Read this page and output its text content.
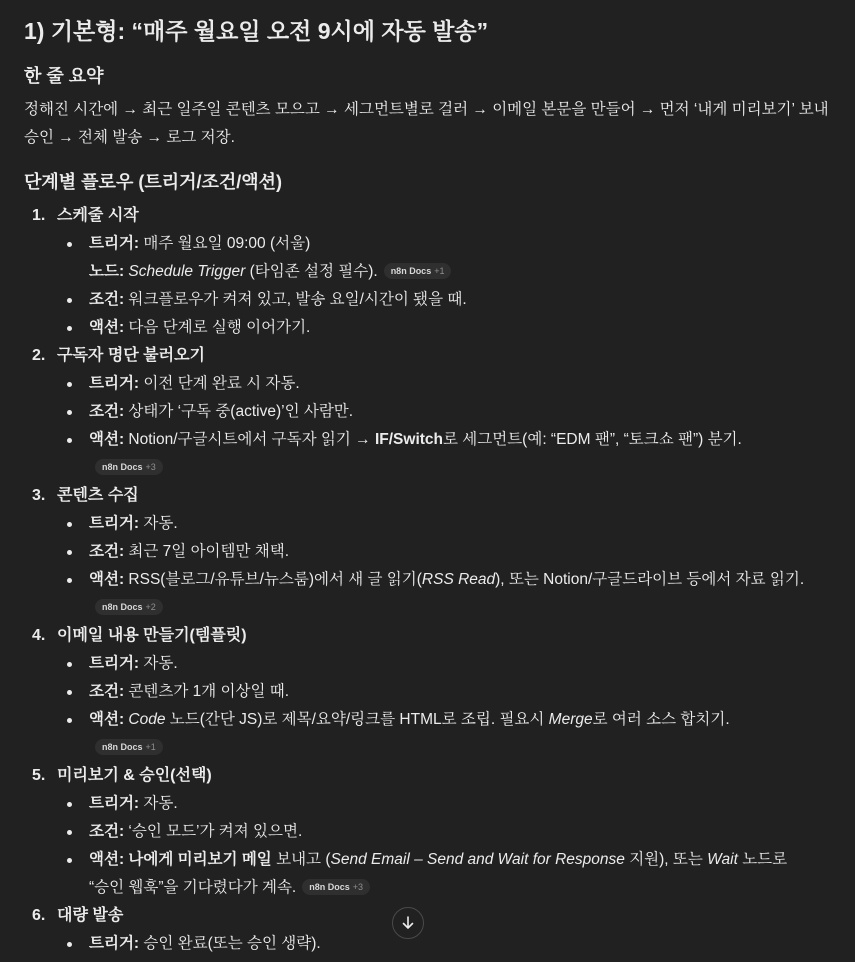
1) 기본형: “매주 월요일 오전 9시에 자동 발송”
한 줄 요약

정해진 시간에 → 최근 일주일 콘텐츠 모으고 → 세그먼트별로 걸러 → 이메일 본문을 만들어 → 먼저 ‘내게 미리보기’ 보내 승인 → 전체 발송 → 로그 저장.

단계별 플로우 (트리거/조건/액션)
1. 스케줄 시작
트리거: 매주 월요일 09:00 (서울)
노드: Schedule Trigger (타임존 설정 필수). n8n Docs +1
조건: 워크플로우가 켜져 있고, 발송 요일/시간이 됐을 때.
액션: 다음 단계로 실행 이어가기.
2. 구독자 명단 불러오기
트리거: 이전 단계 완료 시 자동.
조건: 상태가 ‘구독 중(active)’인 사람만.
액션: Notion/구글시트에서 구독자 읽기 → IF/Switch로 세그먼트(예: “EDM 팬”, “토크쇼 팬”) 분기.
n8n Docs +3
3. 콘텐츠 수집
트리거: 자동.
조건: 최근 7일 아이템만 채택.
액션: RSS(블로그/유튜브/뉴스룸)에서 새 글 읽기(RSS Read), 또는 Notion/구글드라이브 등에서 자료 읽기.n8n Docs +2
4. 이메일 내용 만들기(템플릿)
트리거: 자동.
조건: 콘텐츠가 1개 이상일 때.
액션: Code 노드(간단 JS)로 제목/요약/링크를 HTML로 조립. 필요시 Merge로 여러 소스 합치기.
n8n Docs +1
5. 미리보기 & 승인(선택)
트리거: 자동.
조건: ‘승인 모드’가 켜져 있으면.
액션: 나에게 미리보기 메일 보내고 (Send Email – Send and Wait for Response 지원), 또는 Wait 노드로 “승인 웹훅”을 기다렸다가 계속. n8n Docs +3
6. 대량 발송
트리거: 승인 완료(또는 승인 생략).
